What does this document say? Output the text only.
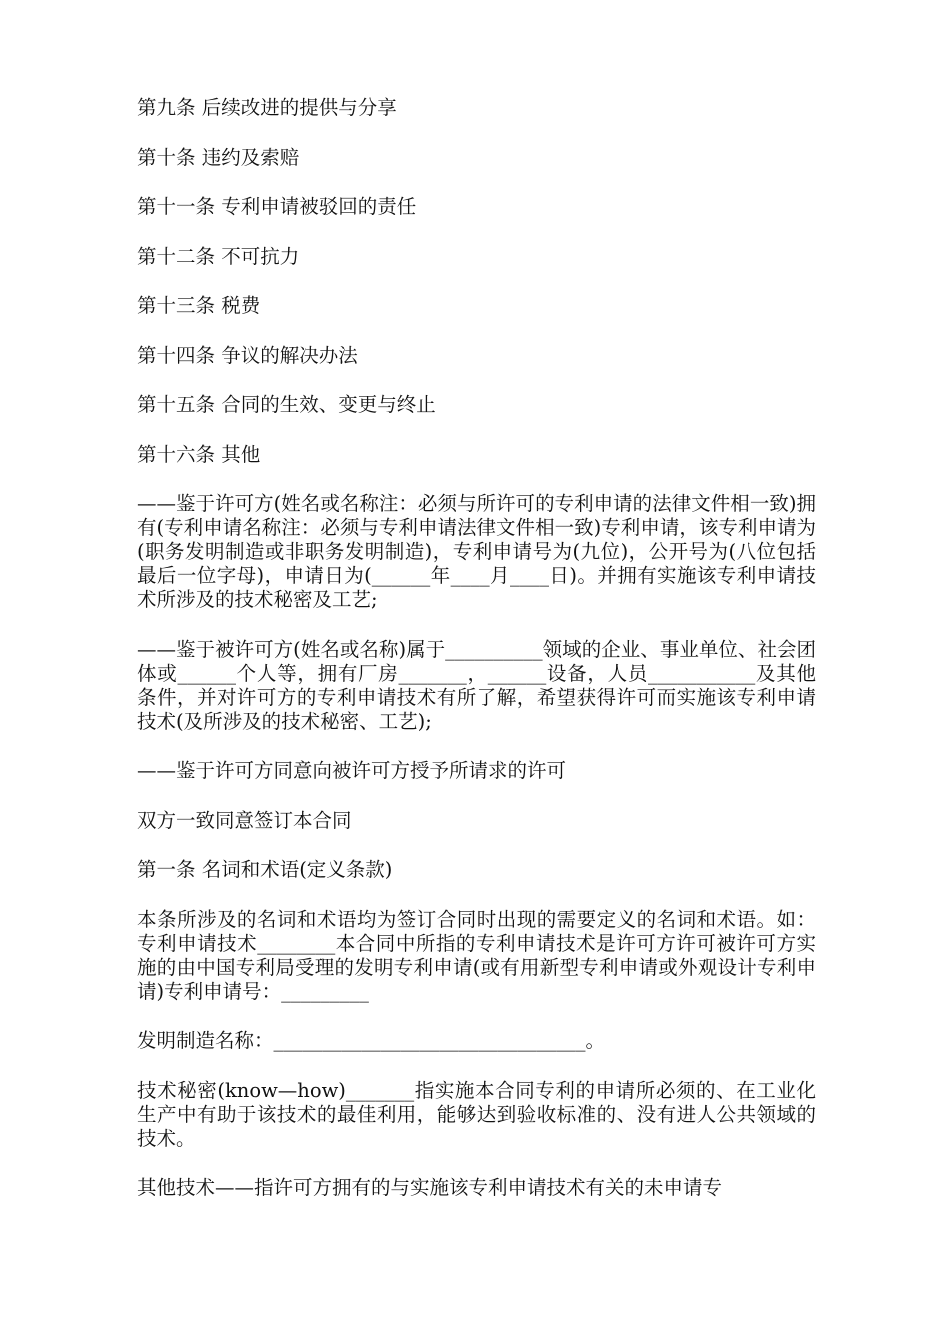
第九条 后续改进的提供与分享

第十条 违约及索赔

第十一条 专利申请被驳回的责任

第十二条 不可抗力

第十三条 税费

第十四条 争议的解决办法

第十五条 合同的生效、变更与终止

第十六条 其他

——鉴于许可方(姓名或名称注：必须与所许可的专利申请的法律文件相一致)拥有(专利申请名称注：必须与专利申请法律文件相一致)专利申请，该专利申请为(职务发明制造或非职务发明制造)，专利申请号为(九位)，公开号为(八位包括最后一位字母)，申请日为(______年____月____日)。并拥有实施该专利申请技术所涉及的技术秘密及工艺;

——鉴于被许可方(姓名或名称)属于__________领域的企业、事业单位、社会团体或______个人等，拥有厂房_______，______设备，人员___________及其他条件，并对许可方的专利申请技术有所了解，希望获得许可而实施该专利申请技术(及所涉及的技术秘密、工艺);

——鉴于许可方同意向被许可方授予所请求的许可

双方一致同意签订本合同

第一条 名词和术语(定义条款)

本条所涉及的名词和术语均为签订合同时出现的需要定义的名词和术语。如：专利申请技术________本合同中所指的专利申请技术是许可方许可被许可方实施的由中国专利局受理的发明专利申请(或有用新型专利申请或外观设计专利申请)专利申请号：_________

发明制造名称：________________________________。

技术秘密(know—how)_______指实施本合同专利的申请所必须的、在工业化生产中有助于该技术的最佳利用，能够达到验收标准的、没有进人公共领域的技术。

其他技术——指许可方拥有的与实施该专利申请技术有关的未申请专
